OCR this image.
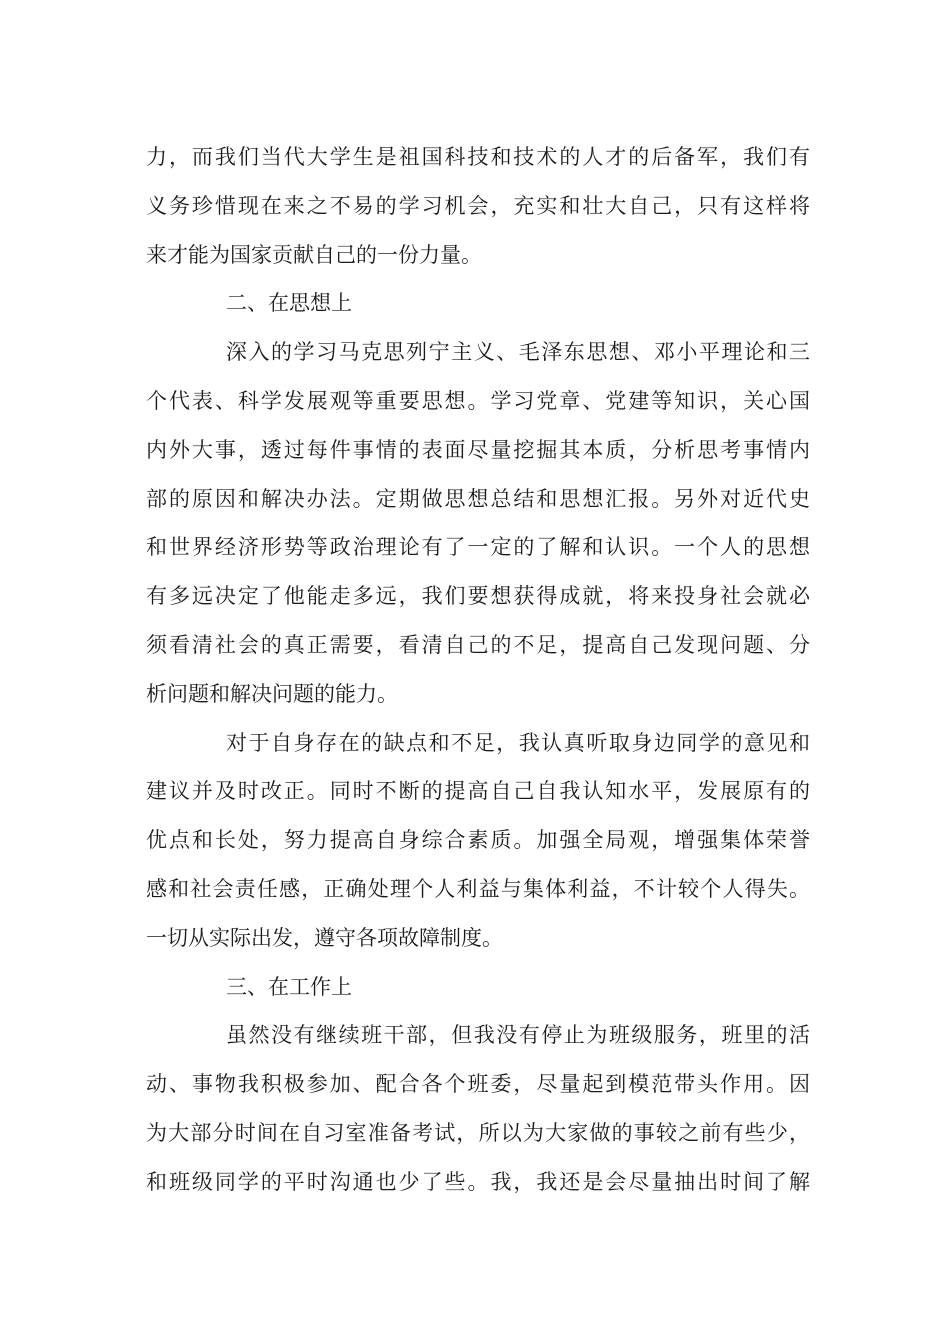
力，而我们当代大学生是祖国科技和技术的人才的后备军，我们有
义务珍惜现在来之不易的学习机会，充实和壮大自己，只有这样将
来才能为国家贡献自己的一份力量。
二、在思想上
深入的学习马克思列宁主义、毛泽东思想、邓小平理论和三
个代表、科学发展观等重要思想。学习党章、党建等知识，关心国
内外大事，透过每件事情的表面尽量挖掘其本质，分析思考事情内
部的原因和解决办法。定期做思想总结和思想汇报。另外对近代史
和世界经济形势等政治理论有了一定的了解和认识。一个人的思想
有多远决定了他能走多远，我们要想获得成就，将来投身社会就必
须看清社会的真正需要，看清自己的不足，提高自己发现问题、分
析问题和解决问题的能力。
对于自身存在的缺点和不足，我认真听取身边同学的意见和
建议并及时改正。同时不断的提高自己自我认知水平，发展原有的
优点和长处，努力提高自身综合素质。加强全局观，增强集体荣誉
感和社会责任感，正确处理个人利益与集体利益，不计较个人得失。
一切从实际出发，遵守各项故障制度。
三、在工作上
虽然没有继续班干部，但我没有停止为班级服务，班里的活
动、事物我积极参加、配合各个班委，尽量起到模范带头作用。因
为大部分时间在自习室准备考试，所以为大家做的事较之前有些少，
和班级同学的平时沟通也少了些。我，我还是会尽量抽出时间了解
